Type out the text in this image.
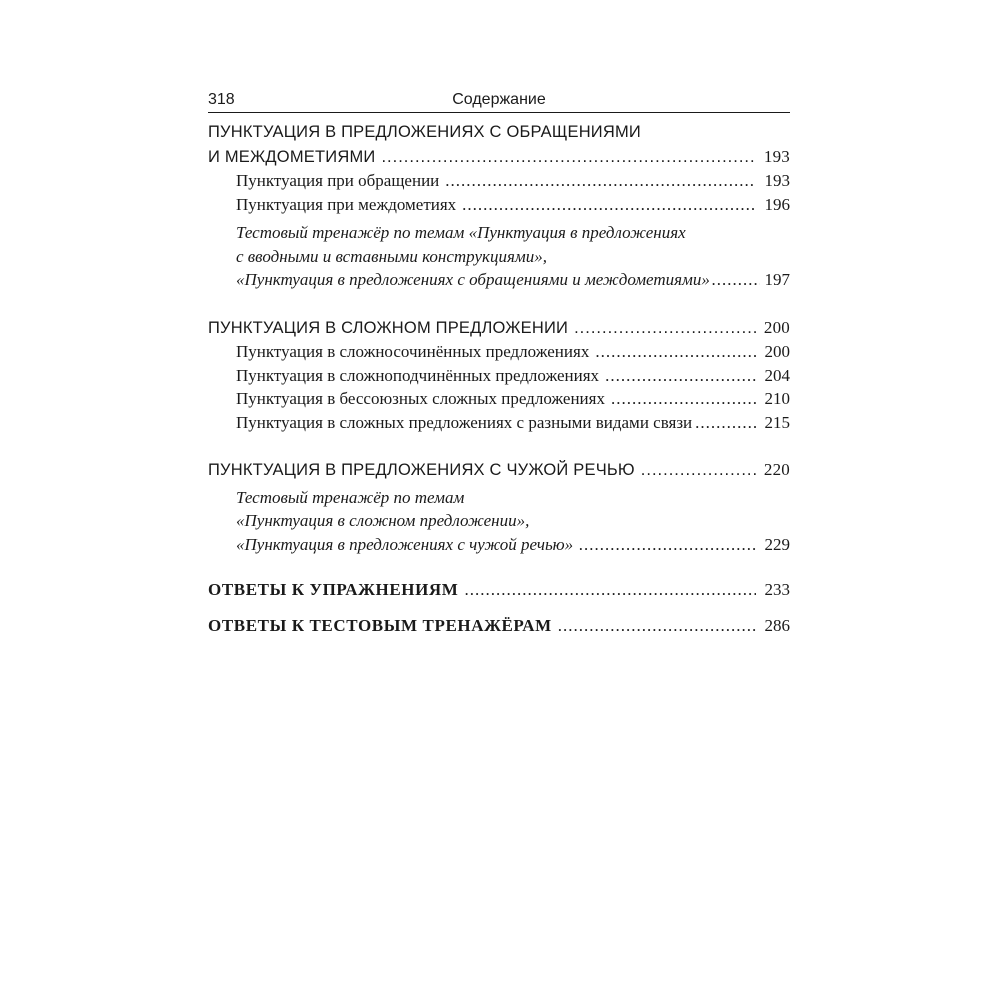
318	Содержание
ПУНКТУАЦИЯ В ПРЕДЛОЖЕНИЯХ С ОБРАЩЕНИЯМИ
И МЕЖДОМЕТИЯМИ .....	193
Пунктуация при обращении .....	193
Пунктуация при междометиях .....	196
Тестовый тренажёр по темам «Пунктуация в предложениях
с вводными и вставными конструкциями»,
«Пунктуация в предложениях с обращениями и междометиями» .....	197
ПУНКТУАЦИЯ В СЛОЖНОМ ПРЕДЛОЖЕНИИ .....	200
Пунктуация в сложносочинённых предложениях .....	200
Пунктуация в сложноподчинённых предложениях .....	204
Пунктуация в бессоюзных сложных предложениях .....	210
Пунктуация в сложных предложениях с разными видами связи .....	215
ПУНКТУАЦИЯ В ПРЕДЛОЖЕНИЯХ С ЧУЖОЙ РЕЧЬЮ .....	220
Тестовый тренажёр по темам
«Пунктуация в сложном предложении»,
«Пунктуация в предложениях с чужой речью» .....	229
ОТВЕТЫ К УПРАЖНЕНИЯМ .....	233
ОТВЕТЫ К ТЕСТОВЫМ ТРЕНАЖЁРАМ .....	286
